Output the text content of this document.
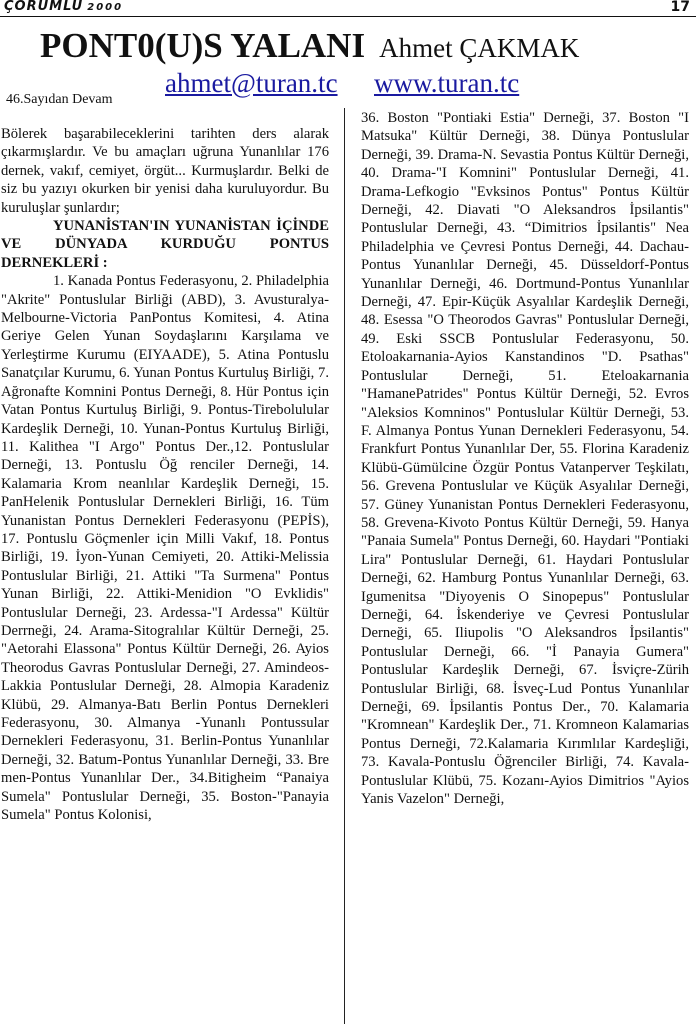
ÇORUMLU 2000	17
PONT0(U)S YALANI Ahmet ÇAKMAK
46.Sayıdan Devam
ahmet@turan.tc www.turan.tc

Bölerek başarabileceklerini tarihten ders alarak çıkarmışlardır. Ve bu amaçları uğruna Yunanlılar 176 dernek, vakıf, cemiyet, örgüt... Kurmuşlardır. Belki de siz bu yazıyı okurken bir yenisi daha kuruluyordur. Bu kuruluşlar şunlardır;

YUNANİSTAN'IN YUNANİSTAN İÇİNDE VE DÜNYADA KURDUĞU PONTUS DERNEKLERİ :

1. Kanada Pontus Federasyonu, 2. Philadelphia "Akrite" Pontuslular Birliği (ABD), 3. Avusturalya-Melbourne-Victoria PanPontus Komitesi, 4. Atina Geriye Gelen Yunan Soydaşlarını Karşılama ve Yerleştirme Kurumu (EIYAADE), 5. Atina Pontuslu Sanatçılar Kurumu, 6. Yunan Pontus Kurtuluş Birliği, 7. Ağronafte Komnini Pontus Derneği, 8. Hür Pontus için Vatan Pontus Kurtuluş Birliği, 9. Pontus-Tirebolulular Kardeşlik Derneği, 10. Yunan-Pontus Kurtuluş Birliği, 11. Kalithea "I Argo" Pontus Der.,12. Pontuslular Derneği, 13. Pontuslu Öğ renciler Derneği, 14. Kalamaria Krom neanlılar Kardeşlik Derneği, 15. PanHelenik Pontuslular Dernekleri Birliği, 16. Tüm Yunanistan Pontus Dernekleri Federasyonu (PEPİS), 17. Pontuslu Göçmenler için Milli Vakıf, 18. Pontus Birliği, 19. İyon-Yunan Cemiyeti, 20. Attiki-Melissia Pontuslular Birliği, 21. Attiki "Ta Surmena" Pontus Yunan Birliği, 22. Attiki-Menidion "O Evklidis" Pontuslular Derneği, 23. Ardessa-"I Ardessa" Kültür Derrneği, 24. Arama-Sitogralılar Kültür Derneği, 25. "Aetorahi Elassona" Pontus Kültür Derneği, 26. Ayios Theorodus Gavras Pontuslular Derneği, 27. Amindeos-Lakkia Pontuslular Derneği, 28. Almopia Karadeniz Klübü, 29. Almanya-Batı Berlin Pontus Dernekleri Federasyonu, 30. Almanya -Yunanlı Pontussular Dernekleri Federasyonu, 31. Berlin-Pontus Yunanlılar Derneği, 32. Batum-Pontus Yunanlılar Derneği, 33. Bre men-Pontus Yunanlılar Der., 34.Bitigheim “Panaiya Sumela" Pontuslular Derneği, 35. Boston-"Panayia Sumela" Pontus Kolonisi,

36. Boston "Pontiaki Estia" Derneği, 37. Boston "I Matsuka" Kültür Derneği, 38. Dünya Pontuslular Derneği, 39. Drama-N. Sevastia Pontus Kültür Derneği, 40. Drama-"I Komnini" Pontuslular Derneği, 41. Drama-Lefkogio "Evksinos Pontus" Pontus Kültür Derneği, 42. Diavati "O Aleksandros İpsilantis" Pontuslular Derneği, 43. “Dimitrios İpsilantis" Nea Philadelphia ve Çevresi Pontus Derneği, 44. Dachau-Pontus Yunanlılar Derneği, 45. Düsseldorf-Pontus Yunanlılar Derneği, 46. Dortmund-Pontus Yunanlılar Derneği, 47. Epir-Küçük Asyalılar Kardeşlik Derneği, 48. Esessa "O Theorodos Gavras" Pontuslular Derneği, 49. Eski SSCB Pontuslular Federasyonu, 50. Etoloakarnania-Ayios Kanstandinos "D. Psathas" Pontuslular Derneği, 51. Eteloakarnania "HamanePatrides" Pontus Kültür Derneği, 52. Evros "Aleksios Komninos" Pontuslular Kültür Derneği, 53. F. Almanya Pontus Yunan Dernekleri Federasyonu, 54. Frankfurt Pontus Yunanlılar Der, 55. Florina Karadeniz Klübü-Gümülcine Özgür Pontus Vatanperver Teşkilatı, 56. Grevena Pontuslular ve Küçük Asyalılar Derneği, 57. Güney Yunanistan Pontus Dernekleri Federasyonu, 58. Grevena-Kivoto Pontus Kültür Derneği, 59. Hanya "Panaia Sumela" Pontus Derneği, 60. Haydari "Pontiaki Lira" Pontuslular Derneği, 61. Haydari Pontuslular Derneği, 62. Hamburg Pontus Yunanlılar Derneği, 63. Igumenitsa "Diyoyenis O Sinopepus" Pontuslular Derneği, 64. İskenderiye ve Çevresi Pontuslular Derneği, 65. Iliupolis "O Aleksandros İpsilantis" Pontuslular Derneği, 66. "İ Panayia Gumera" Pontuslular Kardeşlik Derneği, 67. İsviçre-Zürih Pontuslular Birliği, 68. İsveç-Lud Pontus Yunanlılar Derneği, 69. İpsilantis Pontus Der., 70. Kalamaria "Kromnean" Kardeşlik Der., 71. Kromneon Kalamarias Pontus Derneği, 72.Kalamaria Kırımlılar Kardeşliği, 73. Kavala-Pontuslu Öğrenciler Birliği, 74. Kavala-Pontuslular Klübü, 75. Kozanı-Ayios Dimitrios "Ayios Yanis Vazelon" Derneği,
